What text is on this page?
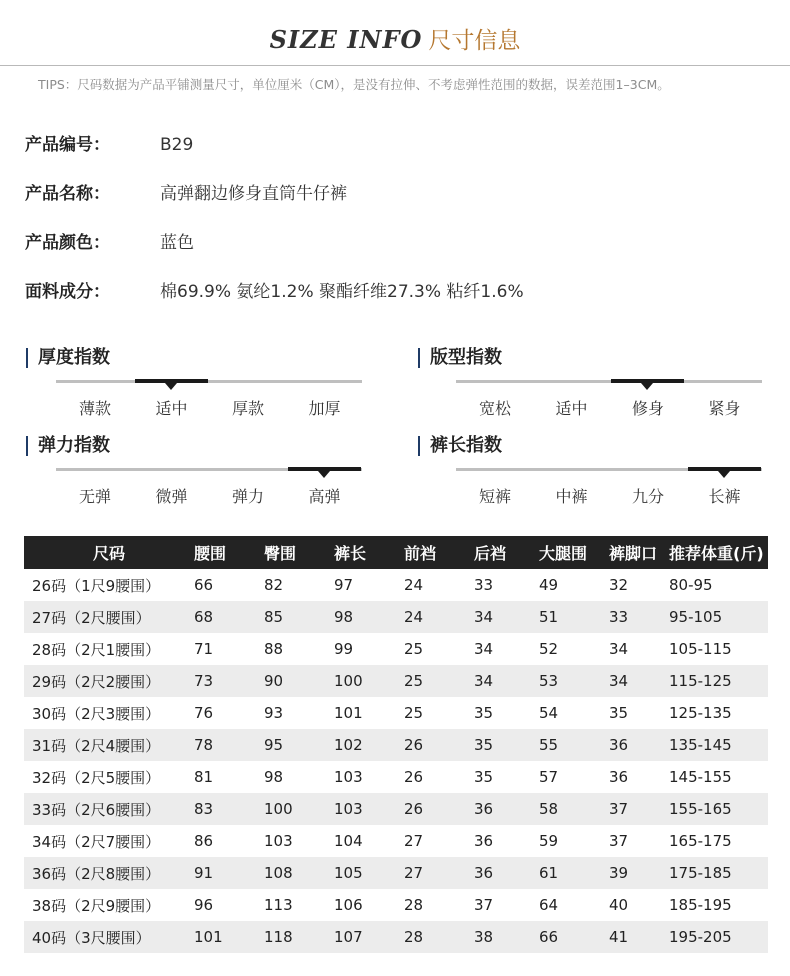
SIZE INFO 尺寸信息
TIPS：尺码数据为产品平铺测量尺寸，单位厘米（CM），是没有拉伸、不考虑弹性范围的数据，误差范围1–3CM。
产品编号：	B29
产品名称：	高弹翻边修身直筒牛仔裤
产品颜色：	蓝色
面料成分：	棉69.9% 氨纶1.2% 聚酯纤维27.3% 粘纤1.6%
厚度指数
薄款	适中	厚款	加厚
版型指数
宽松	适中	修身	紧身
弹力指数
无弹	微弹	弹力	高弹
裤长指数
短裤	中裤	九分	长裤
尺码	腰围	臀围	裤长	前裆	后裆	大腿围	裤脚口	推荐体重(斤)
26码（1尺9腰围）	66	82	97	24	33	49	32	80-95
27码（2尺腰围）	68	85	98	24	34	51	33	95-105
28码（2尺1腰围）	71	88	99	25	34	52	34	105-115
29码（2尺2腰围）	73	90	100	25	34	53	34	115-125
30码（2尺3腰围）	76	93	101	25	35	54	35	125-135
31码（2尺4腰围）	78	95	102	26	35	55	36	135-145
32码（2尺5腰围）	81	98	103	26	35	57	36	145-155
33码（2尺6腰围）	83	100	103	26	36	58	37	155-165
34码（2尺7腰围）	86	103	104	27	36	59	37	165-175
36码（2尺8腰围）	91	108	105	27	36	61	39	175-185
38码（2尺9腰围）	96	113	106	28	37	64	40	185-195
40码（3尺腰围）	101	118	107	28	38	66	41	195-205
